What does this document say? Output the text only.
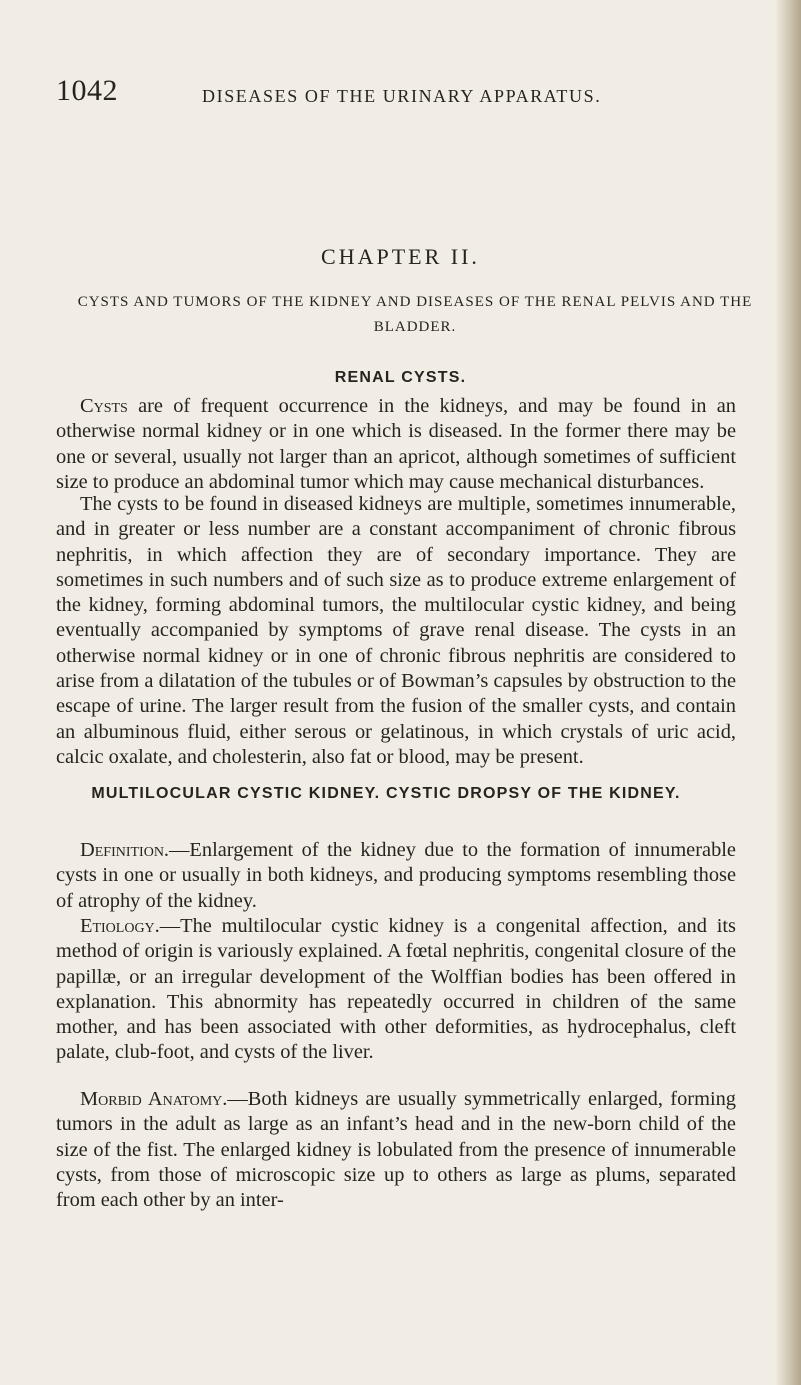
1042	DISEASES OF THE URINARY APPARATUS.
CHAPTER II.
CYSTS AND TUMORS OF THE KIDNEY AND DISEASES OF THE RENAL PELVIS AND THE BLADDER.
RENAL CYSTS.

Cysts are of frequent occurrence in the kidneys, and may be found in an otherwise normal kidney or in one which is diseased. In the former there may be one or several, usually not larger than an apricot, although sometimes of sufficient size to produce an abdominal tumor which may cause mechanical disturbances.

The cysts to be found in diseased kidneys are multiple, sometimes innumerable, and in greater or less number are a constant accompaniment of chronic fibrous nephritis, in which affection they are of secondary importance. They are sometimes in such numbers and of such size as to produce extreme enlargement of the kidney, forming abdominal tumors, the multilocular cystic kidney, and being eventually accompanied by symptoms of grave renal disease. The cysts in an otherwise normal kidney or in one of chronic fibrous nephritis are considered to arise from a dilatation of the tubules or of Bowman’s capsules by obstruction to the escape of urine. The larger result from the fusion of the smaller cysts, and contain an albuminous fluid, either serous or gelatinous, in which crystals of uric acid, calcic oxalate, and cholesterin, also fat or blood, may be present.

MULTILOCULAR CYSTIC KIDNEY. CYSTIC DROPSY OF THE KIDNEY.

Definition.—Enlargement of the kidney due to the formation of innumerable cysts in one or usually in both kidneys, and producing symptoms resembling those of atrophy of the kidney.

Etiology.—The multilocular cystic kidney is a congenital affection, and its method of origin is variously explained. A fœtal nephritis, congenital closure of the papillæ, or an irregular development of the Wolffian bodies has been offered in explanation. This abnormity has repeatedly occurred in children of the same mother, and has been associated with other deformities, as hydrocephalus, cleft palate, club-foot, and cysts of the liver.

Morbid Anatomy.—Both kidneys are usually symmetrically enlarged, forming tumors in the adult as large as an infant’s head and in the new-born child of the size of the fist. The enlarged kidney is lobulated from the presence of innumerable cysts, from those of microscopic size up to others as large as plums, separated from each other by an inter-
